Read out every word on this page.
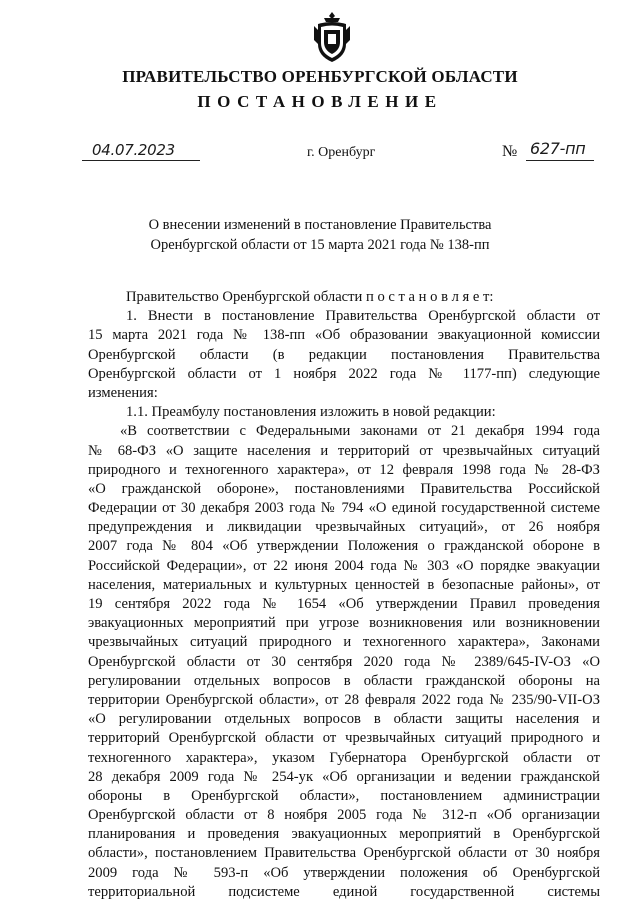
ПРАВИТЕЛЬСТВО ОРЕНБУРГСКОЙ ОБЛАСТИ
ПОСТАНОВЛЕНИЕ
04.07.2023	г. Оренбург	№ 627-пп
О внесении изменений в постановление Правительства
Оренбургской области от 15 марта 2021 года № 138-пп
Правительство Оренбургской области п о с т а н о в л я е т:
1. Внести в постановление Правительства Оренбургской области от
15 марта 2021 года № 138-пп «Об образовании эвакуационной комиссии
Оренбургской области (в редакции постановления Правительства
Оренбургской области от 1 ноября 2022 года № 1177-пп) следующие
изменения:
1.1. Преамбулу постановления изложить в новой редакции:
«В соответствии с Федеральными законами от 21 декабря 1994 года
№ 68-ФЗ «О защите населения и территорий от чрезвычайных ситуаций
природного и техногенного характера», от 12 февраля 1998 года № 28-ФЗ
«О гражданской обороне», постановлениями Правительства Российской
Федерации от 30 декабря 2003 года № 794 «О единой государственной системе
предупреждения и ликвидации чрезвычайных ситуаций», от 26 ноября
2007 года № 804 «Об утверждении Положения о гражданской обороне в
Российской Федерации», от 22 июня 2004 года № 303 «О порядке эвакуации
населения, материальных и культурных ценностей в безопасные районы», от
19 сентября 2022 года № 1654 «Об утверждении Правил проведения
эвакуационных мероприятий при угрозе возникновения или возникновении
чрезвычайных ситуаций природного и техногенного характера», Законами
Оренбургской области от 30 сентября 2020 года № 2389/645-IV-ОЗ «О
регулировании отдельных вопросов в области гражданской обороны на
территории Оренбургской области», от 28 февраля 2022 года № 235/90-VII-ОЗ
«О регулировании отдельных вопросов в области защиты населения и
территорий Оренбургской области от чрезвычайных ситуаций природного и
техногенного характера», указом Губернатора Оренбургской области от
28 декабря 2009 года № 254-ук «Об организации и ведении гражданской
обороны в Оренбургской области», постановлением администрации
Оренбургской области от 8 ноября 2005 года № 312-п «Об организации
планирования и проведения эвакуационных мероприятий в Оренбургской
области», постановлением Правительства Оренбургской области от 30 ноября
2009 года № 593-п «Об утверждении положения об Оренбургской
территориальной подсистеме единой государственной системы
